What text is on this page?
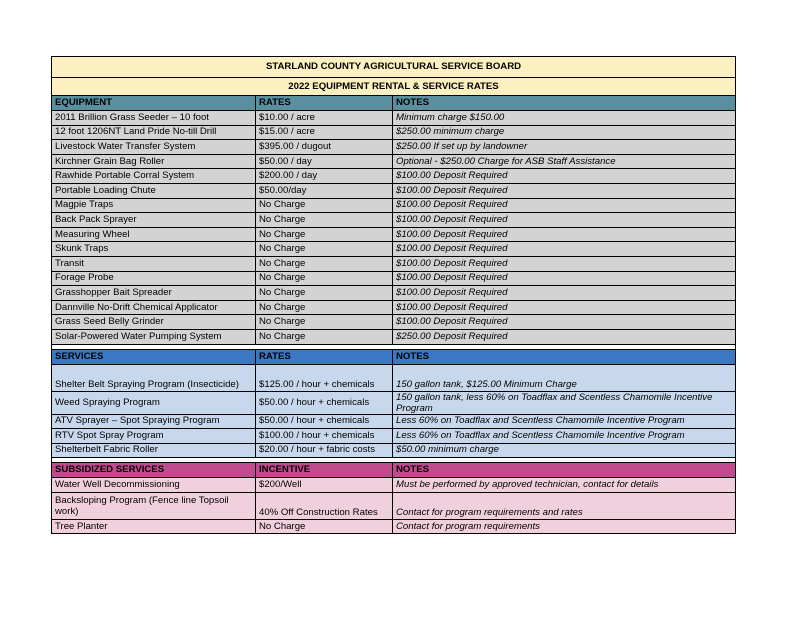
STARLAND COUNTY AGRICULTURAL SERVICE BOARD		
2022 EQUIPMENT RENTAL & SERVICE RATES		
EQUIPMENT	RATES	NOTES
2011 Brillion Grass Seeder – 10 foot	$10.00 / acre	Minimum charge $150.00
12 foot 1206NT Land Pride No-till Drill	$15.00 / acre	$250.00 minimum charge
Livestock Water Transfer System	$395.00 / dugout	$250.00 If set up by landowner
Kirchner Grain Bag Roller	$50.00 / day	Optional - $250.00 Charge for ASB Staff Assistance
Rawhide Portable Corral System	$200.00 / day	$100.00 Deposit Required
Portable Loading Chute	$50.00/day	$100.00 Deposit Required
Magpie Traps	No Charge	$100.00 Deposit Required
Back Pack Sprayer	No Charge	$100.00 Deposit Required
Measuring Wheel	No Charge	$100.00 Deposit Required
Skunk Traps	No Charge	$100.00 Deposit Required
Transit	No Charge	$100.00 Deposit Required
Forage Probe	No Charge	$100.00 Deposit Required
Grasshopper Bait Spreader	No Charge	$100.00 Deposit Required
Dannville No-Drift Chemical Applicator	No Charge	$100.00 Deposit Required
Grass Seed Belly Grinder	No Charge	$100.00 Deposit Required
Solar-Powered Water Pumping System	No Charge	$250.00 Deposit Required

SERVICES	RATES	NOTES
Shelter Belt Spraying Program (Insecticide)	$125.00 / hour + chemicals	150 gallon tank, $125.00 Minimum Charge
Weed Spraying Program	$50.00 / hour + chemicals	150 gallon tank, less 60% on Toadflax and Scentless Chamomile Incentive Program
ATV Sprayer – Spot Spraying Program	$50.00 / hour + chemicals	Less 60% on Toadflax and Scentless Chamomile Incentive Program
RTV Spot Spray Program	$100.00 / hour + chemicals	Less 60% on Toadflax and Scentless Chamomile Incentive Program
Shelterbelt Fabric Roller	$20.00 / hour + fabric costs	$50.00 minimum charge

SUBSIDIZED SERVICES	INCENTIVE	NOTES
Water Well Decommissioning	$200/Well	Must be performed by approved technician, contact for details
Backsloping Program (Fence line Topsoil work)	40% Off Construction Rates	Contact for program requirements and rates
Tree Planter	No Charge	Contact for program requirements
